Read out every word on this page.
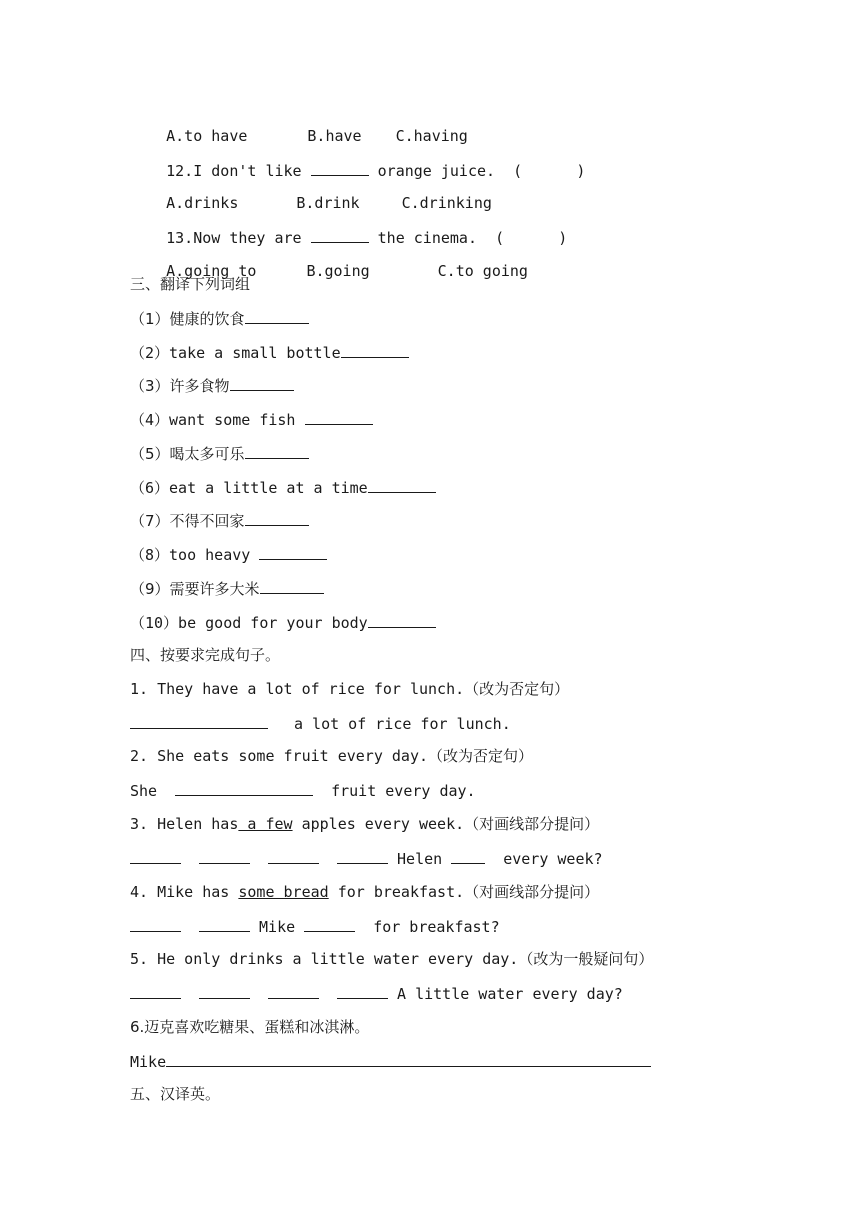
A.to have	B.have C.having

12.I don't like	orange juice. (      )

A.drinks	B.drink	C.drinking

13.Now they are	the cinema. (      )

A.going to	B.going	C.to going

三、翻译下列词组
（1）健康的饮食
（2）take a small bottle
（3）许多食物
（4）want some fish
（5）喝太多可乐
（6）eat a little at a time
（7）不得不回家
（8）too heavy
（9）需要许多大米
（10）be good for your body
四、按要求完成句子。
1. They have a lot of rice for lunch.（改为否定句）
a lot of rice for lunch.
2. She eats some fruit every day.（改为否定句）
She	fruit every day.
3. Helen has a few apples every week.（对画线部分提问）
Helen	every week?
4. Mike has some bread for breakfast.（对画线部分提问）
Mike	for breakfast?
5. He only drinks a little water every day.（改为一般疑问句）
A little water every day?
6.迈克喜欢吃糖果、蛋糕和冰淇淋。
Mike
五、汉译英。
